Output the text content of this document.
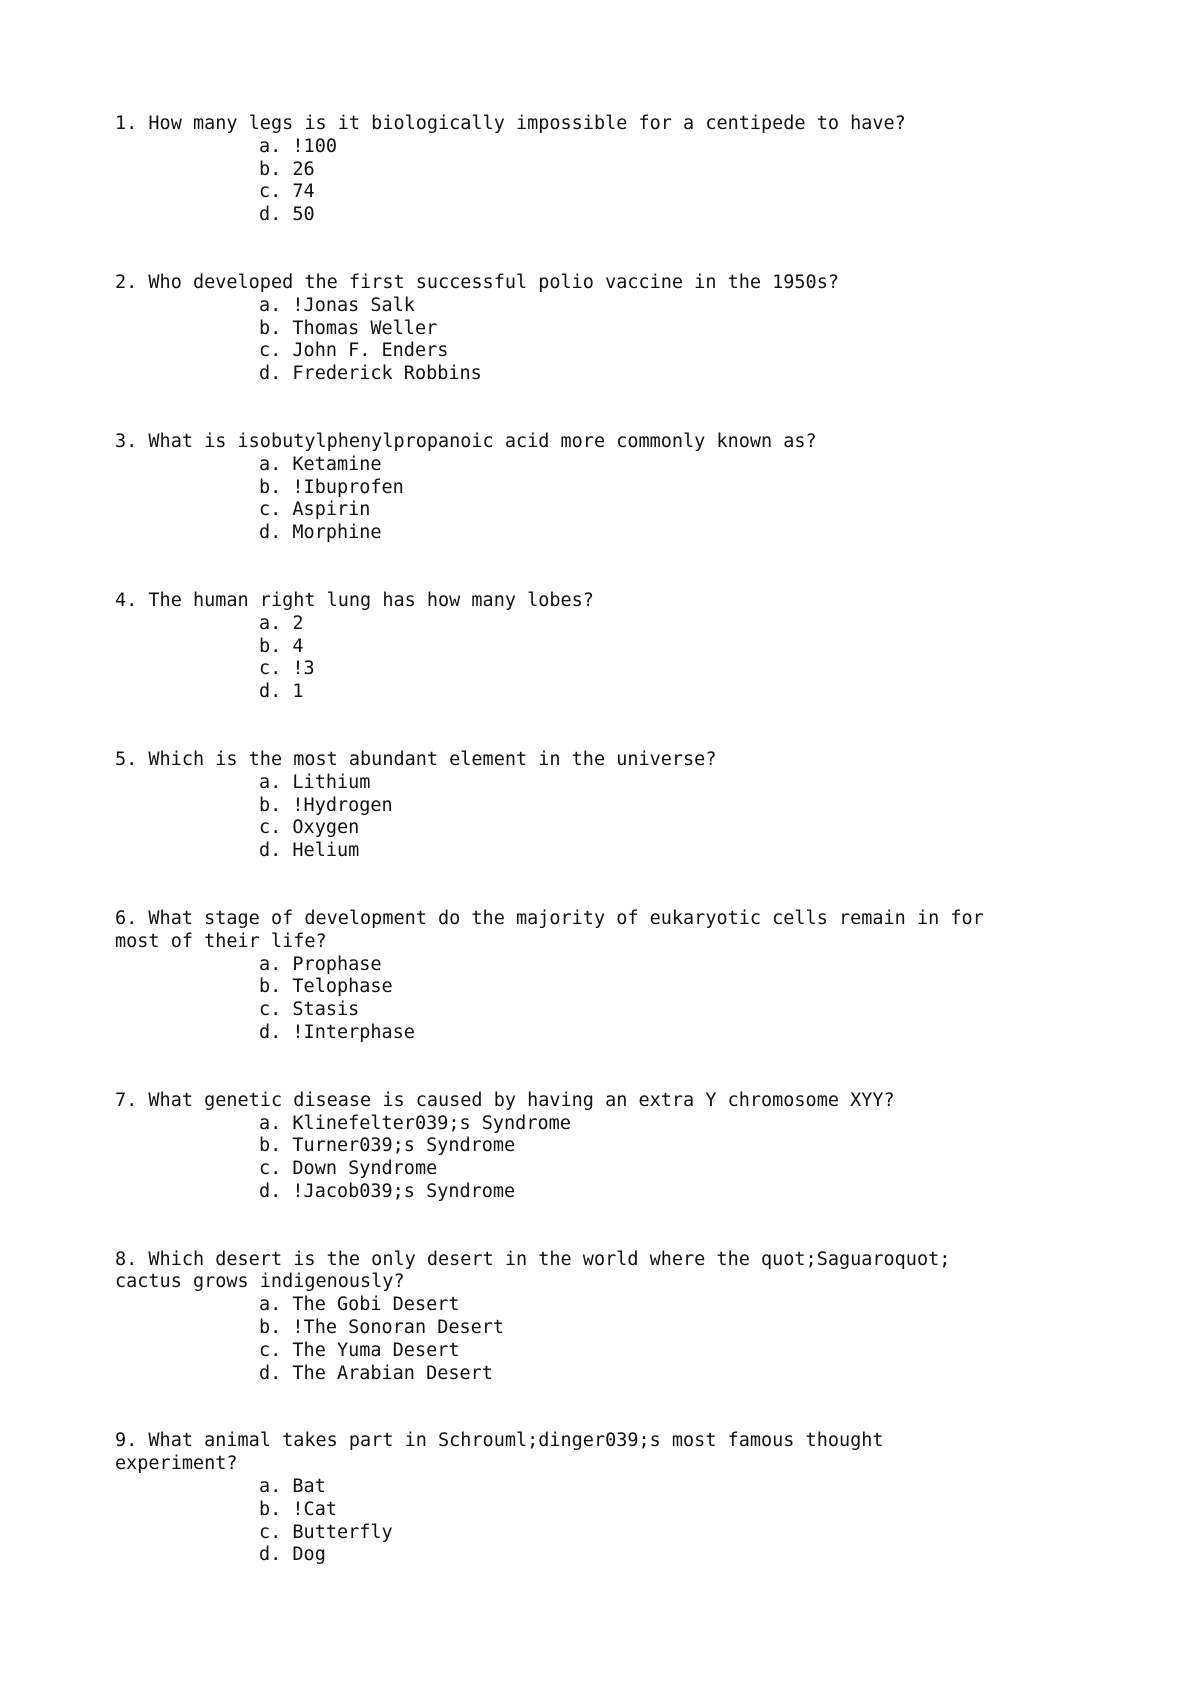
1. How many legs is it biologically impossible for a centipede to have?

a. !100
b. 26
c. 74
d. 50

2. Who developed the first successful polio vaccine in the 1950s?

a. !Jonas Salk
b. Thomas Weller
c. John F. Enders
d. Frederick Robbins

3. What is isobutylphenylpropanoic acid more commonly known as?

a. Ketamine
b. !Ibuprofen
c. Aspirin
d. Morphine

4. The human right lung has how many lobes?

a. 2
b. 4
c. !3
d. 1

5. Which is the most abundant element in the universe?

a. Lithium
b. !Hydrogen
c. Oxygen
d. Helium

6. What stage of development do the majority of eukaryotic cells remain in for
most of their life?

a. Prophase
b. Telophase
c. Stasis
d. !Interphase

7. What genetic disease is caused by having an extra Y chromosome XYY?

a. Klinefelter039;s Syndrome
b. Turner039;s Syndrome
c. Down Syndrome
d. !Jacob039;s Syndrome

8. Which desert is the only desert in the world where the quot;Saguaroquot;
cactus grows indigenously?

a. The Gobi Desert
b. !The Sonoran Desert
c. The Yuma Desert
d. The Arabian Desert

9. What animal takes part in Schrouml;dinger039;s most famous thought
experiment?

a. Bat
b. !Cat
c. Butterfly
d. Dog
